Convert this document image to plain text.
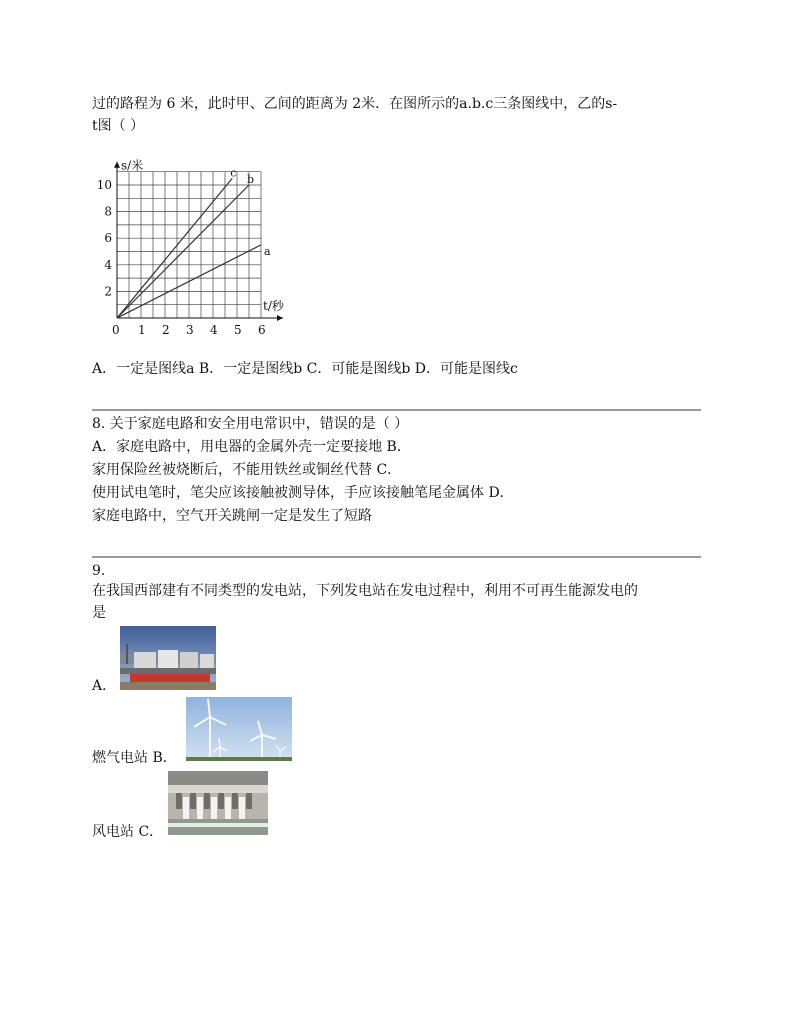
过的路程为 6 米，此时甲、乙间的距离为 2米．在图所示的a.b.c三条图线中，乙的s-
t图（ ）
0 1 2 3 4 5 6
2
4
6
8
10
a
b
c
t/秒
s/米
A．一定是图线a B．一定是图线b C．可能是图线b D．可能是图线c
8. 关于家庭电路和安全用电常识中，错误的是（ ）
A．家庭电路中，用电器的金属外壳一定要接地 B．
家用保险丝被烧断后，不能用铁丝或铜丝代替 C．
使用试电笔时，笔尖应该接触被测导体，手应该接触笔尾金属体 D．
家庭电路中，空气开关跳闸一定是发生了短路
9.
在我国西部建有不同类型的发电站，下列发电站在发电过程中，利用不可再生能源发电的
是
A．
燃气电站 B．
风电站 C．
